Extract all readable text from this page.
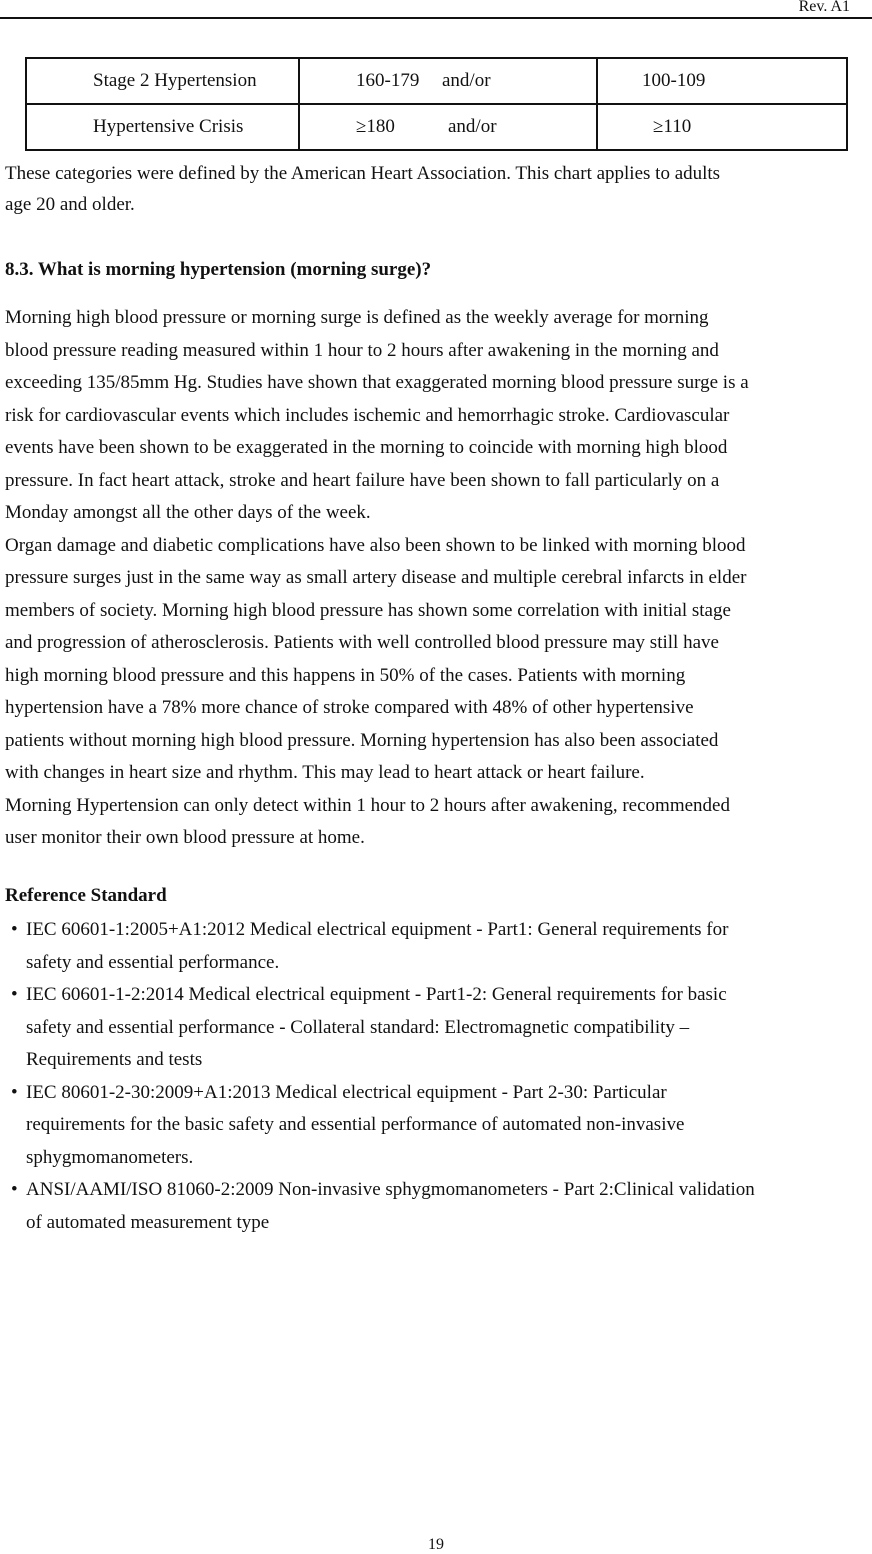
Rev. A1
Stage 2 Hypertension	160-179 and/or	100-109
Hypertensive Crisis	≥180 and/or	≥110
These categories were defined by the American Heart Association. This chart applies to adults
age 20 and older.
8.3. What is morning hypertension (morning surge)?
Morning high blood pressure or morning surge is defined as the weekly average for morning
blood pressure reading measured within 1 hour to 2 hours after awakening in the morning and
exceeding 135/85mm Hg. Studies have shown that exaggerated morning blood pressure surge is a
risk for cardiovascular events which includes ischemic and hemorrhagic stroke. Cardiovascular
events have been shown to be exaggerated in the morning to coincide with morning high blood
pressure. In fact heart attack, stroke and heart failure have been shown to fall particularly on a
Monday amongst all the other days of the week.
Organ damage and diabetic complications have also been shown to be linked with morning blood
pressure surges just in the same way as small artery disease and multiple cerebral infarcts in elder
members of society. Morning high blood pressure has shown some correlation with initial stage
and progression of atherosclerosis. Patients with well controlled blood pressure may still have
high morning blood pressure and this happens in 50% of the cases. Patients with morning
hypertension have a 78% more chance of stroke compared with 48% of other hypertensive
patients without morning high blood pressure. Morning hypertension has also been associated
with changes in heart size and rhythm. This may lead to heart attack or heart failure.
Morning Hypertension can only detect within 1 hour to 2 hours after awakening, recommended
user monitor their own blood pressure at home.
Reference Standard
• IEC 60601-1:2005+A1:2012 Medical electrical equipment - Part1: General requirements for
safety and essential performance.
• IEC 60601-1-2:2014 Medical electrical equipment - Part1-2: General requirements for basic
safety and essential performance - Collateral standard: Electromagnetic compatibility –
Requirements and tests
• IEC 80601-2-30:2009+A1:2013 Medical electrical equipment - Part 2-30: Particular
requirements for the basic safety and essential performance of automated non-invasive
sphygmomanometers.
• ANSI/AAMI/ISO 81060-2:2009 Non-invasive sphygmomanometers - Part 2:Clinical validation
of automated measurement type
19
